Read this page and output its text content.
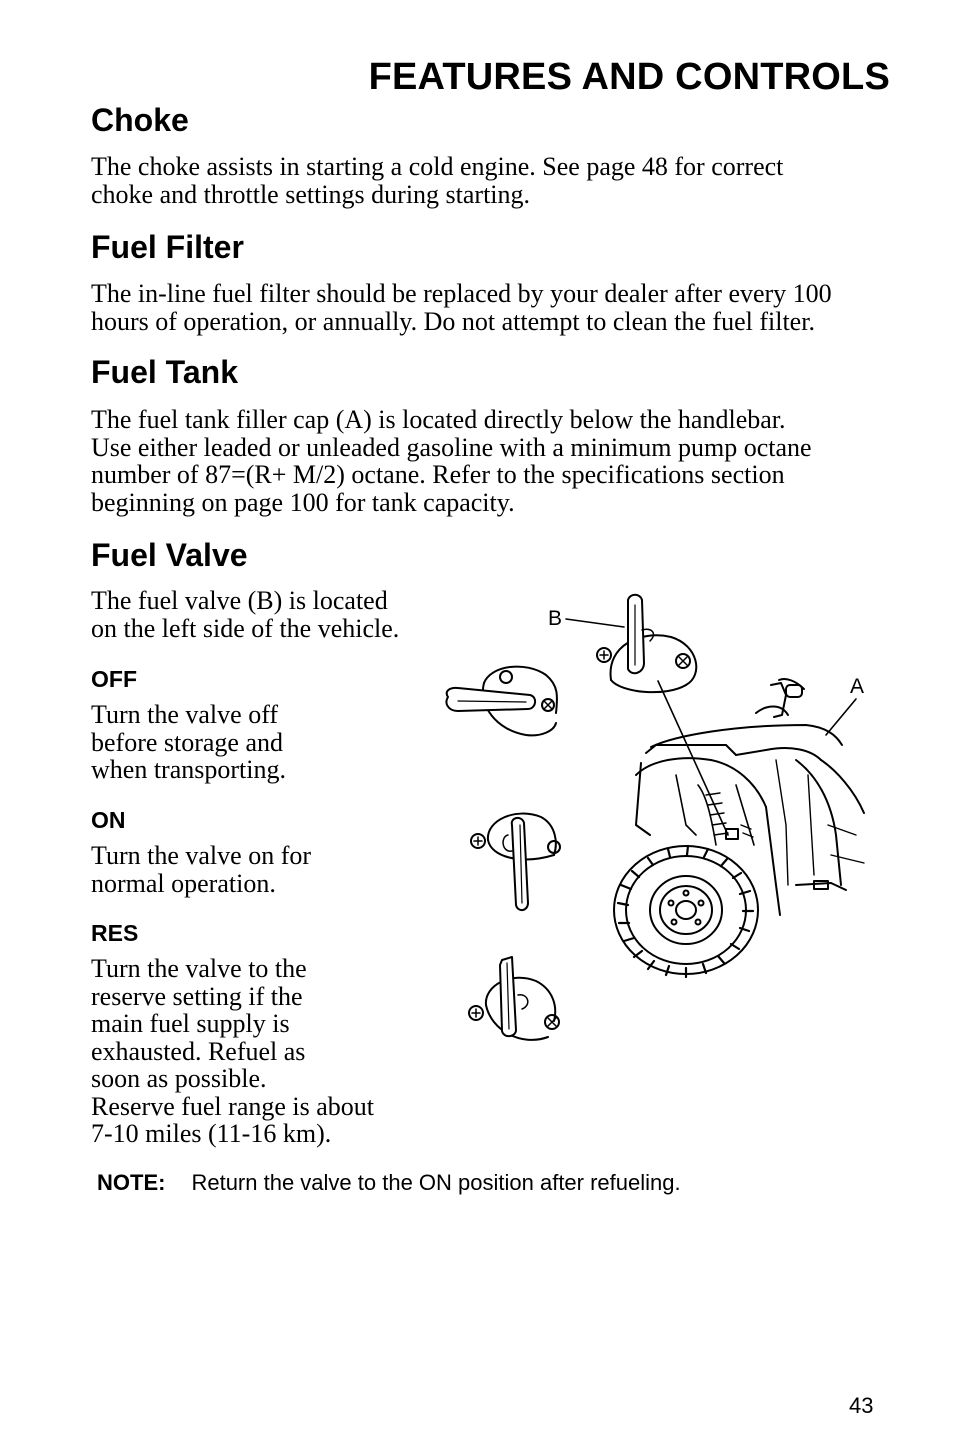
FEATURES AND CONTROLS
Choke

The choke assists in starting a cold engine. See page 48 for correct
choke and throttle settings during starting.

Fuel Filter

The in-line fuel filter should be replaced by your dealer after every 100
hours of operation, or annually. Do not attempt to clean the fuel filter.

Fuel Tank

The fuel tank filler cap (A) is located directly below the handlebar.
Use either leaded or unleaded gasoline with a minimum pump octane
number of 87=(R+ M/2) octane. Refer to the specifications section
beginning on page 100 for tank capacity.

Fuel Valve

The fuel valve (B) is located
on the left side of the vehicle.

OFF

Turn the valve off
before storage and
when transporting.

ON

Turn the valve on for
normal operation.

RES

Turn the valve to the
reserve setting if the
main fuel supply is
exhausted. Refuel as
soon as possible.
Reserve fuel range is about
7-10 miles (11-16 km).

B
A

NOTE: Return the valve to the ON position after refueling.

43
